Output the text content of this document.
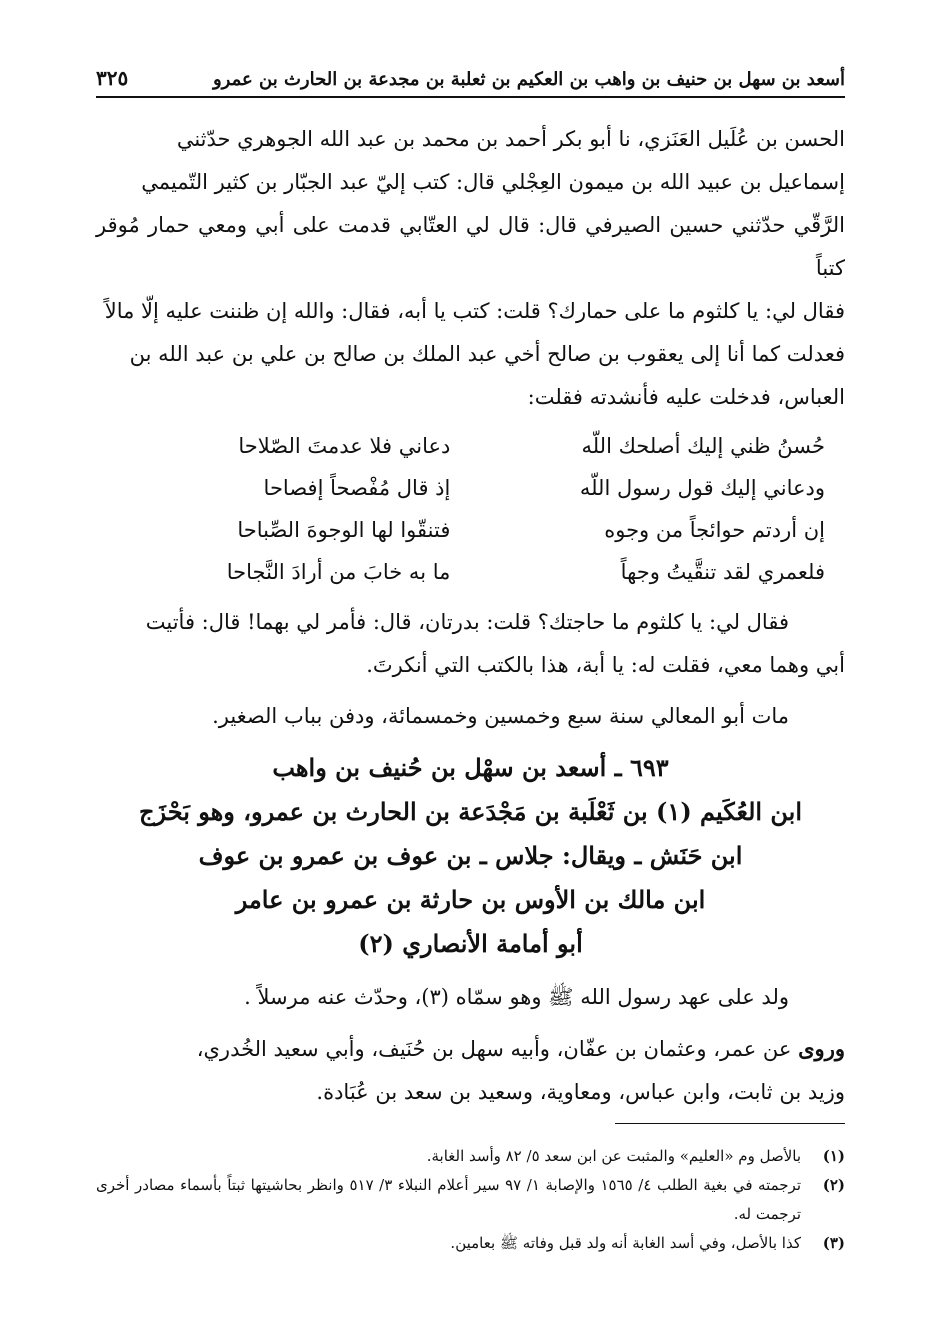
أسعد بن سهل بن حنيف بن واهب بن العكيم بن ثعلبة بن مجدعة بن الحارث بن عمرو
٣٢٥

الحسن بن عُلَيل العَنَزي، نا أبو بكر أحمد بن محمد بن عبد الله الجوهري حدّثني

إسماعيل بن عبيد الله بن ميمون العِجْلي قال: كتب إليّ عبد الجبّار بن كثير التّميمي

الرَّقّي حدّثني حسين الصيرفي قال: قال لي العتّابي قدمت على أبي ومعي حمار مُوقر كتباً

فقال لي: يا كلثوم ما على حمارك؟ قلت: كتب يا أبه، فقال: والله إن ظننت عليه إلّا مالاً

فعدلت كما أنا إلى يعقوب بن صالح أخي عبد الملك بن صالح بن علي بن عبد الله بن

العباس، فدخلت عليه فأنشدته فقلت:

حُسنُ ظني إليك أصلحك اللّه
دعاني فلا عدمتَ الصّلاحا
ودعاني إليك قول رسول اللّه
إذ قال مُفْصحاً إفصاحا
إن أردتم حوائجاً من وجوه
فتنقّوا لها الوجوهَ الصِّباحا
فلعمري لقد تنقَّيتُ وجهاً
ما به خابَ من أرادَ النَّجاحا

فقال لي: يا كلثوم ما حاجتك؟ قلت: بدرتان، قال: فأمر لي بهما! قال: فأتيت

أبي وهما معي، فقلت له: يا أبة، هذا بالكتب التي أنكرتَ.

مات أبو المعالي سنة سبع وخمسين وخمسمائة، ودفن بباب الصغير.

٦٩٣ ـ أسعد بن سهْل بن حُنيف بن واهب
ابن العُكَيم (١) بن ثَعْلَبة بن مَجْدَعة بن الحارث بن عمرو، وهو بَحْزَج
ابن حَنَش ـ ويقال: جلاس ـ بن عوف بن عمرو بن عوف
ابن مالك بن الأوس بن حارثة بن عمرو بن عامر
أبو أمامة الأنصاري (٢)

ولد على عهد رسول الله ﷺ وهو سمّاه (٣)، وحدّث عنه مرسلاً .

وروى عن عمر، وعثمان بن عفّان، وأبيه سهل بن حُنَيف، وأبي سعيد الخُدري،

وزيد بن ثابت، وابن عباس، ومعاوية، وسعيد بن سعد بن عُبَادة.

(١)
بالأصل وم «العليم» والمثبت عن ابن سعد ٥/ ٨٢ وأسد الغابة.
(٢)
ترجمته في بغية الطلب ٤/ ١٥٦٥ والإصابة ١/ ٩٧ سير أعلام النبلاء ٣/ ٥١٧ وانظر بحاشيتها ثبتاً بأسماء مصادر أخرى ترجمت له.
(٣)
كذا بالأصل، وفي أسد الغابة أنه ولد قبل وفاته ﷺ بعامين.
